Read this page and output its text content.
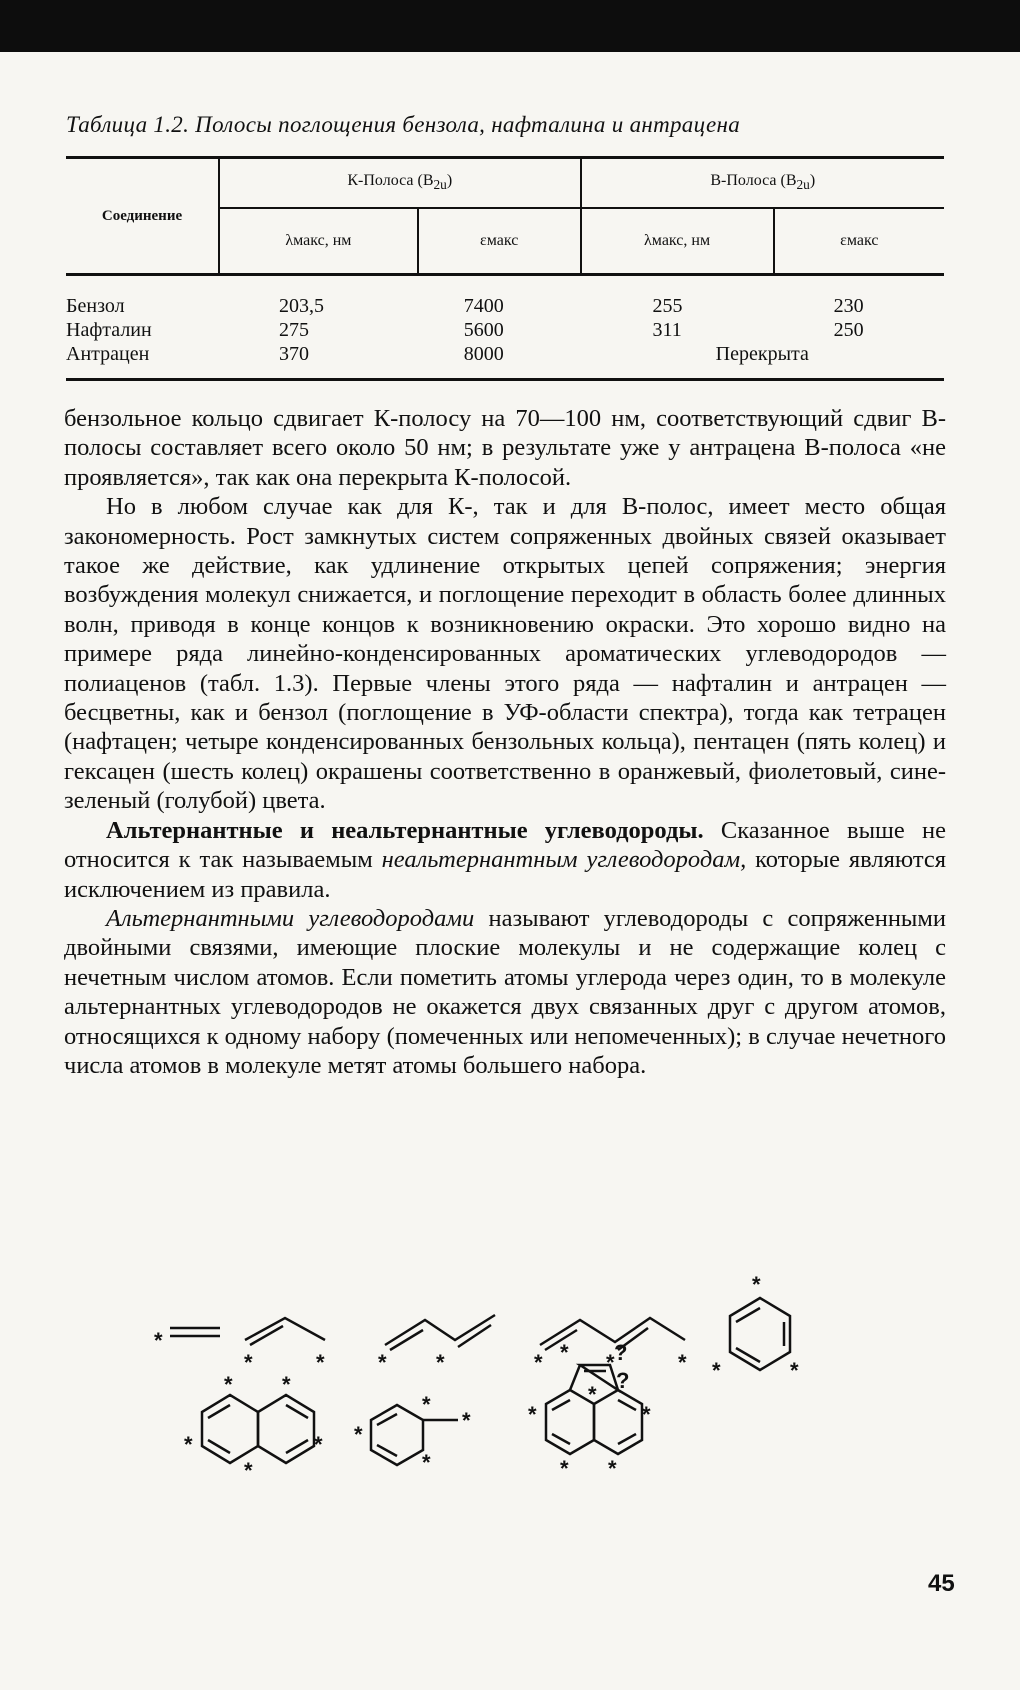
Таблица 1.2. Полосы поглощения бензола, нафталина и антрацена
Соединение	К-Полоса $(B_{2u})$		В-Полоса $(B_{2u})$	
	λмакс, нм	εмакс	λмакс, нм	εмакс
Бензол	203,5	7400	255	230
Нафталин	275	5600	311	250
Антрацен	370	8000	Перекрыта	

бензольное кольцо сдвигает К-полосу на 70—100 нм, соответствующий сдвиг В-полосы составляет всего около 50 нм; в результате уже у антрацена В-полоса «не проявляется», так как она перекрыта К-полосой.

Но в любом случае как для К-, так и для В-полос, имеет место общая закономерность. Рост замкнутых систем сопряженных двойных связей оказывает такое же действие, как удлинение открытых цепей сопряжения; энергия возбуждения молекул снижается, и поглощение переходит в область более длинных волн, приводя в конце концов к возникновению окраски. Это хорошо видно на примере ряда линейно-конденсированных ароматических углеводородов — полиаценов (табл. 1.3). Первые члены этого ряда — нафталин и антрацен — бесцветны, как и бензол (поглощение в УФ-области спектра), тогда как тетрацен (нафтацен; четыре конденсированных бензольных кольца), пентацен (пять колец) и гексацен (шесть колец) окрашены соответственно в оранжевый, фиолетовый, сине-зеленый (голубой) цвета.

Альтернантные и неальтернантные углеводороды. Сказанное выше не относится к так называемым неальтернантным углеводородам, которые являются исключением из правила.

Альтернантными углеводородами называют углеводороды с сопряженными двойными связями, имеющие плоские молекулы и не содержащие колец с нечетным числом атомов. Если пометить атомы углерода через один, то в молекуле альтернантных углеводородов не окажется двух связанных друг с другом атомов, относящихся к одному набору (помеченных или непомеченных); в случае нечетного числа атомов в молекуле метят атомы большего набора.

*
*	* * *	*	*	*
*
*	*
* *
*
*
*
*
*
*
*
* ?
?
*
*	*
* *
45
